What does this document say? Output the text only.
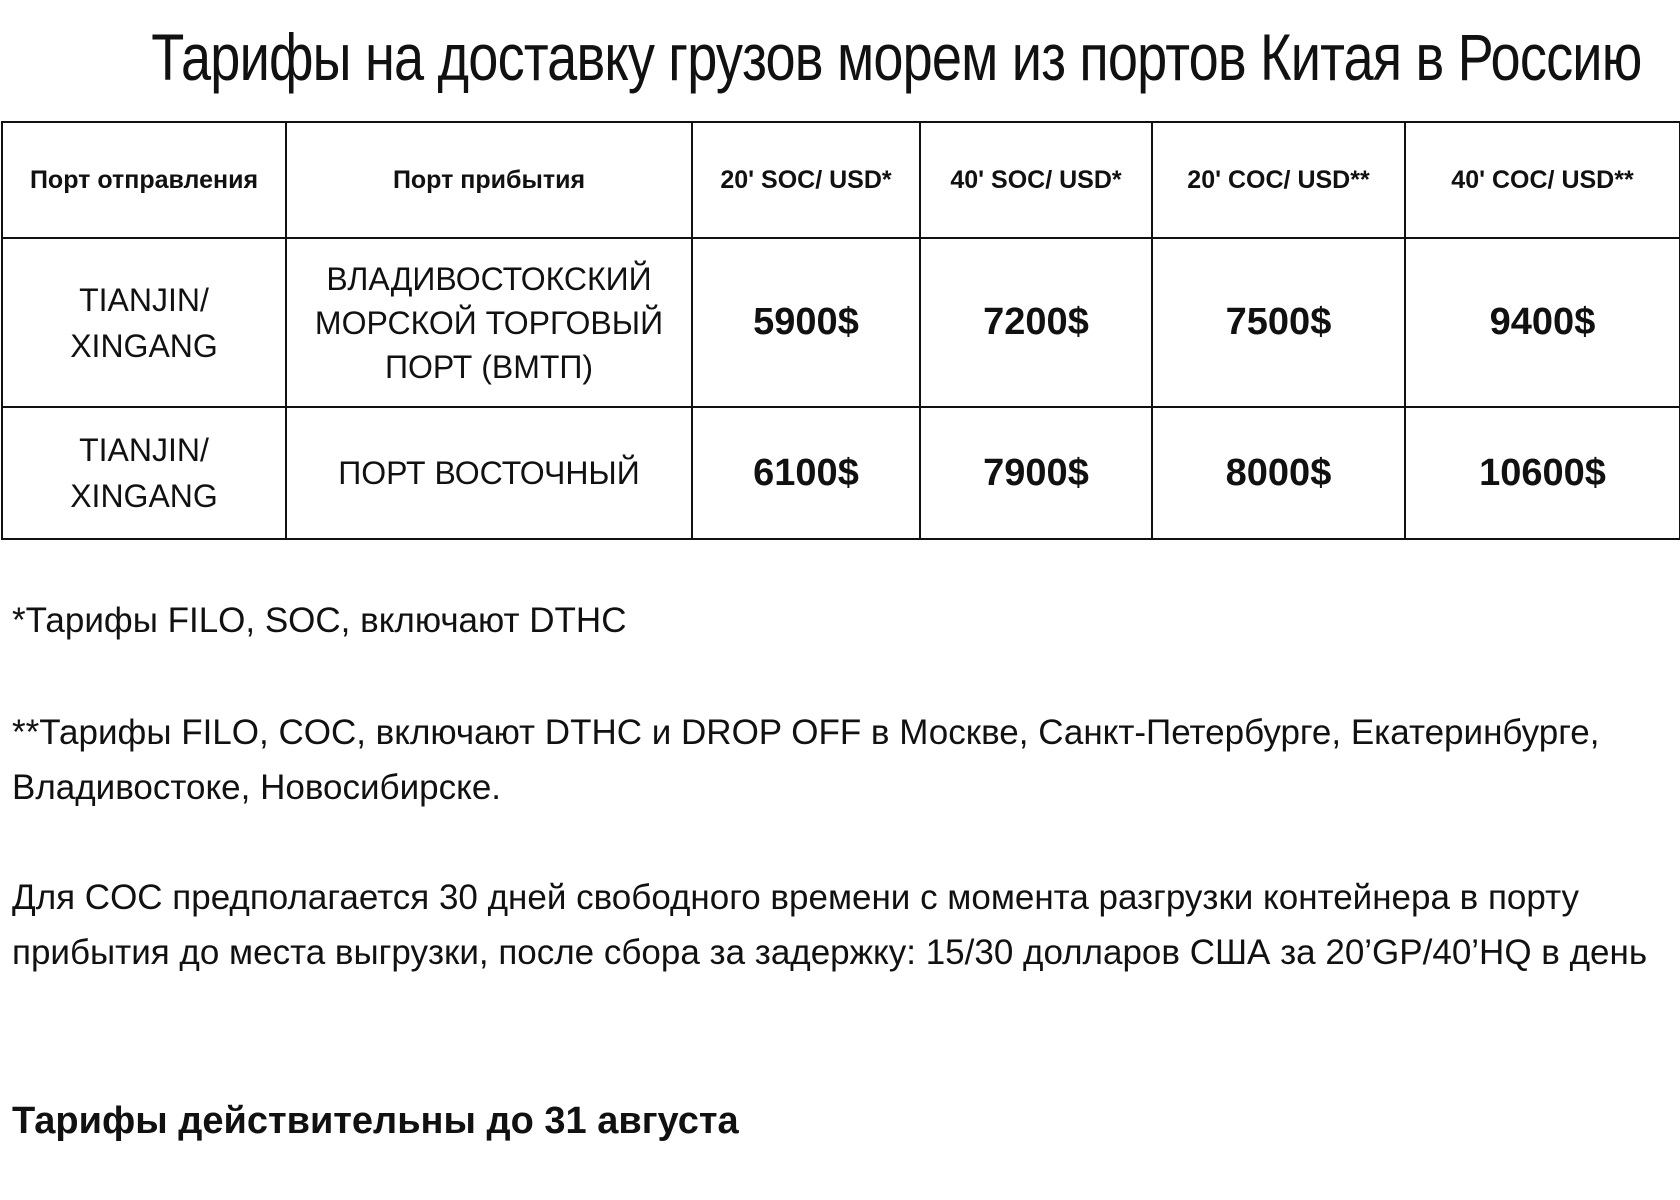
Тарифы на доставку грузов морем из портов Китая в Россию
Порт отправления	Порт прибытия	20' SOC/ USD*	40' SOC/ USD*	20' COC/ USD**	40' COC/ USD**
TIANJIN/
XINGANG	ВЛАДИВОСТОКСКИЙ
МОРСКОЙ ТОРГОВЫЙ
ПОРТ (ВМТП)	5900$	7200$	7500$	9400$
TIANJIN/
XINGANG	ПОРТ ВОСТОЧНЫЙ	6100$	7900$	8000$	10600$
*Тарифы FILO, SOC, включают DTHC
**Тарифы FILO, COC, включают DTHC и DROP OFF в Москве, Санкт-Петербурге, Екатеринбурге, Владивостоке, Новосибирске.
Для COC предполагается 30 дней свободного времени с момента разгрузки контейнера в порту прибытия до места выгрузки, после сбора за задержку: 15/30 долларов США за 20’GP/40’HQ в день
Тарифы действительны до 31 августа
